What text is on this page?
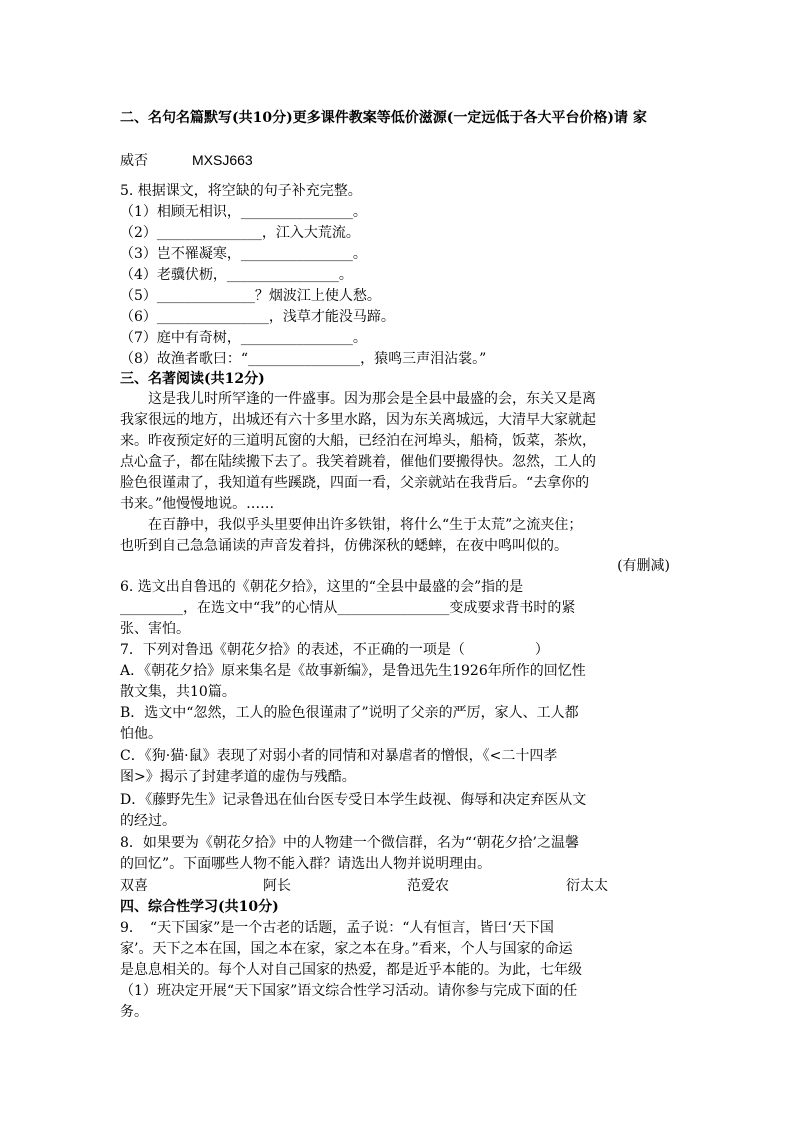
二、名句名篇默写(共10分)更多课件教案等低价滋源(一定远低于各大平台价格)请 家
威否	MXSJ663
5. 根据课文，将空缺的句子补充完整。
（1）相顾无相识，________________。
（2）_______________，江入大荒流。
（3）岂不罹凝寒，________________。
（4）老骥伏枥，________________。
（5）______________？烟波江上使人愁。
（6）________________，浅草才能没马蹄。
（7）庭中有奇树，________________。
（8）故渔者歌曰：“________________，猿鸣三声泪沾裳。”
三、名著阅读(共12分)
　　这是我儿时所罕逢的一件盛事。因为那会是全县中最盛的会，东关又是离
我家很远的地方，出城还有六十多里水路，因为东关离城远，大清早大家就起
来。昨夜预定好的三道明瓦窗的大船，已经泊在河埠头，船椅，饭菜，茶炊，
点心盒子，都在陆续搬下去了。我笑着跳着，催他们要搬得快。忽然，工人的
脸色很谨肃了，我知道有些蹊跷，四面一看，父亲就站在我背后。“去拿你的
书来。”他慢慢地说。……
　　在百静中，我似乎头里要伸出许多铁钳，将什么“生于太荒”之流夹住；
也听到自己急急诵读的声音发着抖，仿佛深秋的蟋蟀，在夜中鸣叫似的。
(有删减)
6. 选文出自鲁迅的《朝花夕拾》，这里的“全县中最盛的会”指的是
_________，在选文中“我”的心情从________________变成要求背书时的紧
张、害怕。
7．下列对鲁迅《朝花夕拾》的表述，不正确的一项是（　　　　　）
A．《朝花夕拾》原来集名是《故事新编》，是鲁迅先生1926年所作的回忆性
散文集，共10篇。
B．选文中“忽然，工人的脸色很谨肃了”说明了父亲的严厉，家人、工人都
怕他。
C．《狗·猫·鼠》表现了对弱小者的同情和对暴虐者的憎恨，《<二十四孝
图>》揭示了封建孝道的虚伪与残酷。
D．《藤野先生》记录鲁迅在仙台医专受日本学生歧视、侮辱和决定弃医从文
的经过。
8．如果要为《朝花夕拾》中的人物建一个微信群，名为“‘朝花夕拾’之温馨
的回忆”。下面哪些人物不能入群？请选出人物并说明理由。
双喜	阿长	范爱农	衍太太
四、综合性学习(共10分)
9．　“天下国家”是一个古老的话题，孟子说：“人有恒言，皆曰‘天下国
家’。天下之本在国，国之本在家，家之本在身。”看来，个人与国家的命运
是息息相关的。每个人对自己国家的热爱，都是近乎本能的。为此，七年级
（1）班决定开展“天下国家”语文综合性学习活动。请你参与完成下面的任
务。
